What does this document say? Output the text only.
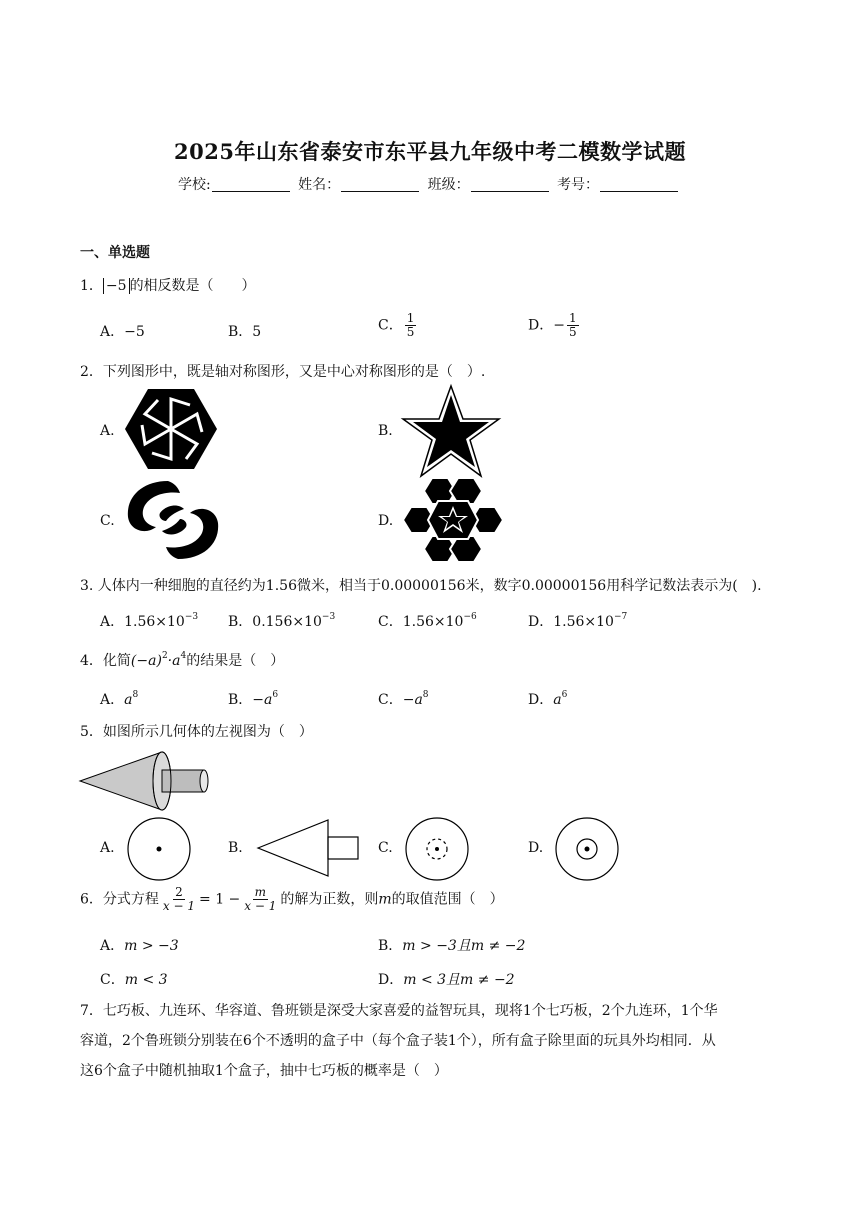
2025年山东省泰安市东平县九年级中考二模数学试题
学校:	姓名：	班级：	考号：
一、单选题
1． −5 的相反数是（　　）
A．−5	B．5	C． $\frac{1}{5}$	D．− $\frac{1}{5}$
2．下列图形中，既是轴对称图形，又是中心对称图形的是（　）.
A.	B.
C.	D.
3. 人体内一种细胞的直径约为1.56微米，相当于0.00000156米，数字0.00000156用科学记数法表示为(　).
A．$1.56\times 10^{-3}$ B．$0.156\times 10^{-3}$	C．$1.56\times 10^{-6}$	D．$1.56\times 10^{-7}$
4．化简$(-a)^2\cdot a^4$的结果是（　）
A．$a^8$	B．$-a^6$	C．$-a^8$	D．$a^6$
5．如图所示几何体的左视图为（　）
A.	B.	C.	D.
6．分式方程 $\frac{2}{x - 1} = 1 - \frac{m}{x - 1}$ 的解为正数，则m的取值范围（　）
A．m > −3	B．m > −3且m ≠ −2
C．m < 3	D．m < 3且m ≠ −2
7．七巧板、九连环、华容道、鲁班锁是深受大家喜爱的益智玩具，现将1个七巧板，2个九连环，1个华
容道，2个鲁班锁分别装在6个不透明的盒子中（每个盒子装1个），所有盒子除里面的玩具外均相同．从
这6个盒子中随机抽取1个盒子，抽中七巧板的概率是（　）
